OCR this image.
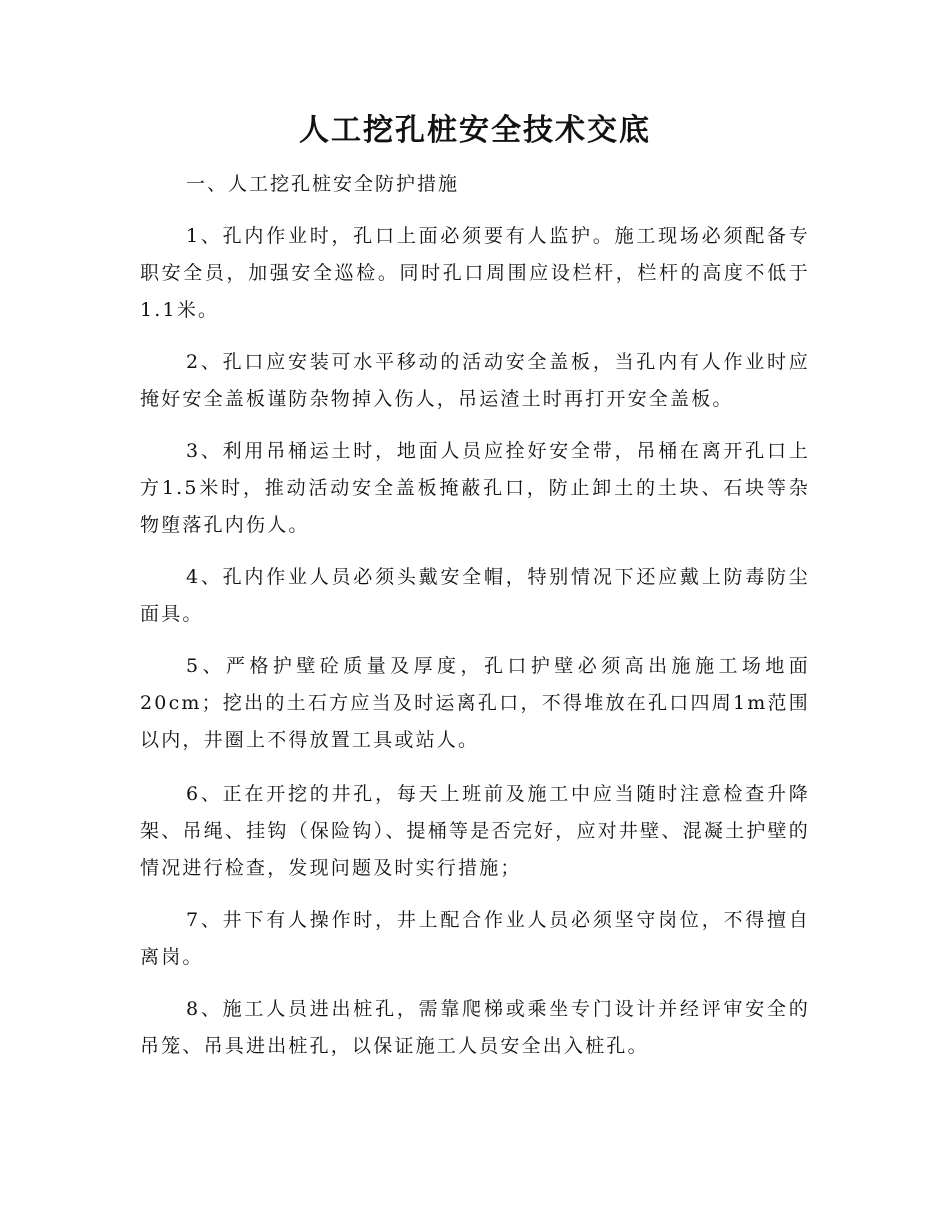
人工挖孔桩安全技术交底

一、人工挖孔桩安全防护措施

1、孔内作业时，孔口上面必须要有人监护。施工现场必须配备专职安全员，加强安全巡检。同时孔口周围应设栏杆，栏杆的高度不低于1.1米。

2、孔口应安装可水平移动的活动安全盖板，当孔内有人作业时应掩好安全盖板谨防杂物掉入伤人，吊运渣土时再打开安全盖板。

3、利用吊桶运土时，地面人员应拴好安全带，吊桶在离开孔口上方1.5米时，推动活动安全盖板掩蔽孔口，防止卸土的土块、石块等杂物堕落孔内伤人。

4、孔内作业人员必须头戴安全帽，特别情况下还应戴上防毒防尘面具。

5、严格护壁砼质量及厚度，孔口护壁必须高出施施工场地面20cm；挖出的土石方应当及时运离孔口，不得堆放在孔口四周1m范围以内，井圈上不得放置工具或站人。

6、正在开挖的井孔，每天上班前及施工中应当随时注意检查升降架、吊绳、挂钩（保险钩）、提桶等是否完好，应对井壁、混凝土护壁的情况进行检查，发现问题及时实行措施；

7、井下有人操作时，井上配合作业人员必须坚守岗位，不得擅自离岗。

8、施工人员进出桩孔，需靠爬梯或乘坐专门设计并经评审安全的吊笼、吊具进出桩孔，以保证施工人员安全出入桩孔。
